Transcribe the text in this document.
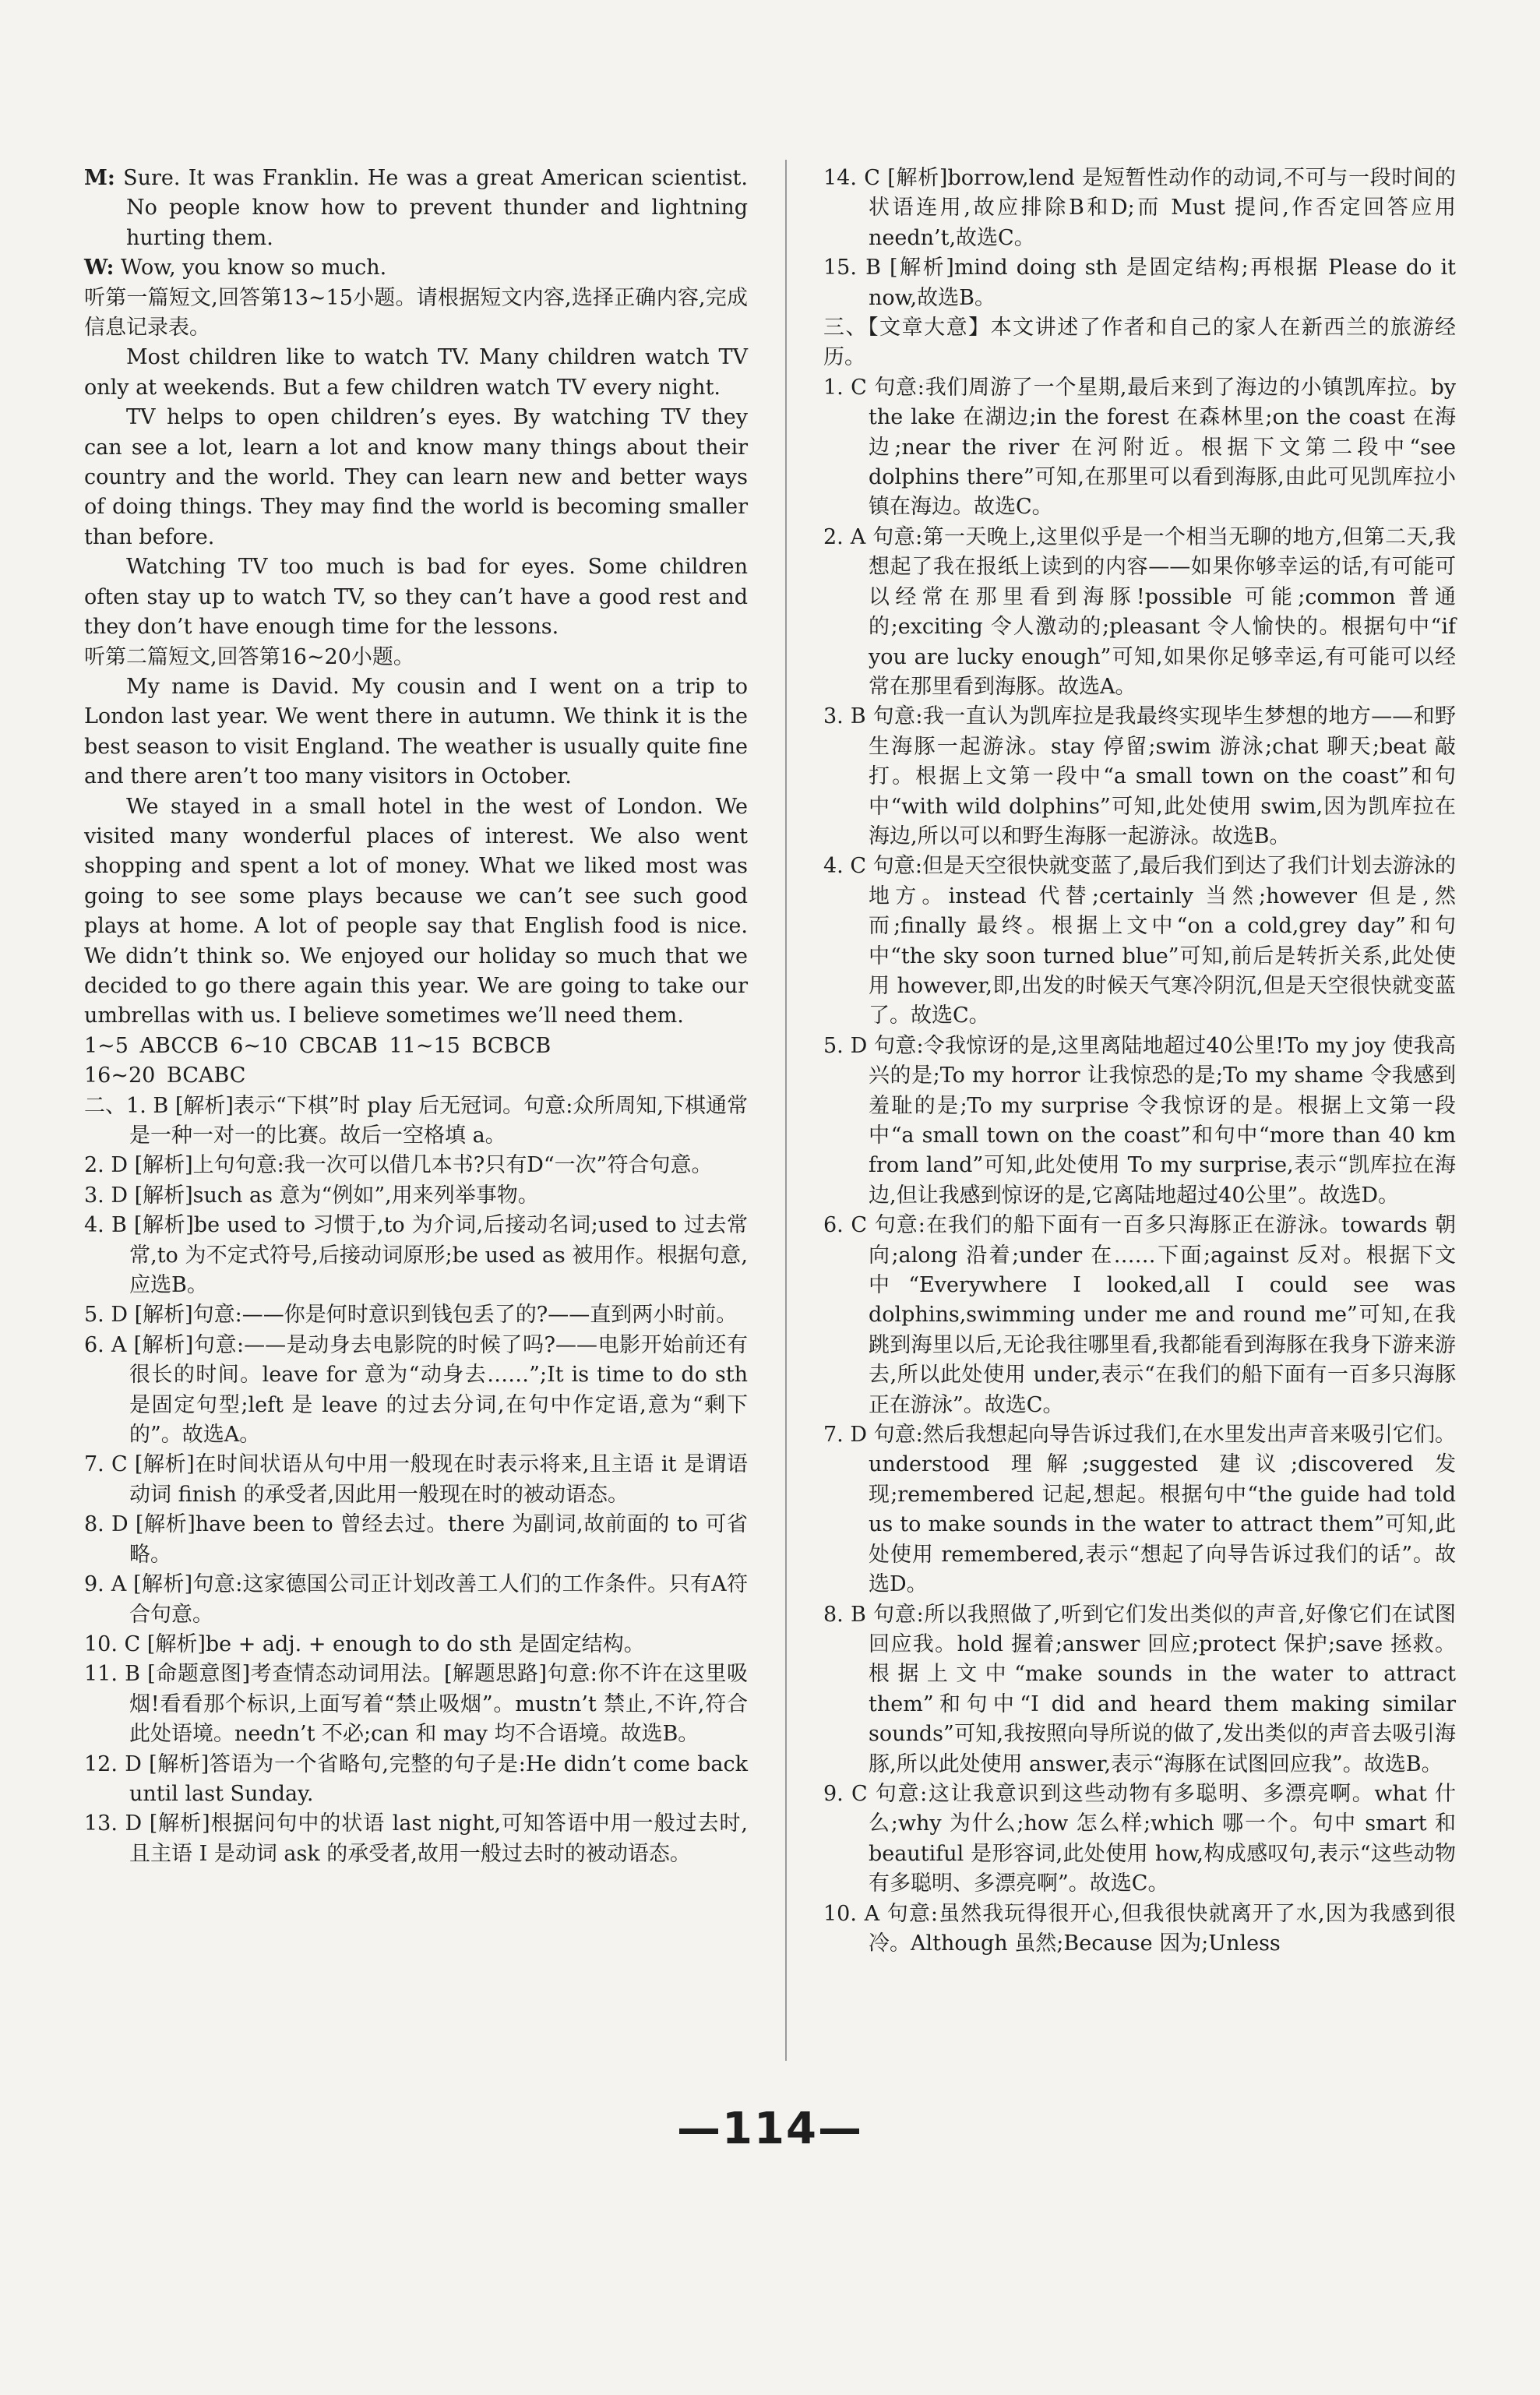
M: Sure. It was Franklin. He was a great American scientist. No people know how to prevent thunder and lightning hurting them.

W: Wow, you know so much.

听第一篇短文,回答第13~15小题。请根据短文内容,选择正确内容,完成信息记录表。

Most children like to watch TV. Many children watch TV only at weekends. But a few children watch TV every night.

TV helps to open children’s eyes. By watching TV they can see a lot, learn a lot and know many things about their country and the world. They can learn new and better ways of doing things. They may find the world is becoming smaller than before.

Watching TV too much is bad for eyes. Some children often stay up to watch TV, so they can’t have a good rest and they don’t have enough time for the lessons.

听第二篇短文,回答第16~20小题。

My name is David. My cousin and I went on a trip to London last year. We went there in autumn. We think it is the best season to visit England. The weather is usually quite fine and there aren’t too many visitors in October.

We stayed in a small hotel in the west of London. We visited many wonderful places of interest. We also went shopping and spent a lot of money. What we liked most was going to see some plays because we can’t see such good plays at home. A lot of people say that English food is nice. We didn’t think so. We enjoyed our holiday so much that we decided to go there again this year. We are going to take our umbrellas with us. I believe sometimes we’ll need them.

1~5 ABCCB 6~10 CBCAB 11~15 BCBCB

16~20 BCABC

二、1. B [解析]表示“下棋”时 play 后无冠词。句意:众所周知,下棋通常是一种一对一的比赛。故后一空格填 a。

2. D [解析]上句句意:我一次可以借几本书?只有D“一次”符合句意。

3. D [解析]such as 意为“例如”,用来列举事物。

4. B [解析]be used to 习惯于,to 为介词,后接动名词;used to 过去常常,to 为不定式符号,后接动词原形;be used as 被用作。根据句意,应选B。

5. D [解析]句意:——你是何时意识到钱包丢了的?——直到两小时前。

6. A [解析]句意:——是动身去电影院的时候了吗?——电影开始前还有很长的时间。leave for 意为“动身去……”;It is time to do sth 是固定句型;left 是 leave 的过去分词,在句中作定语,意为“剩下的”。故选A。

7. C [解析]在时间状语从句中用一般现在时表示将来,且主语 it 是谓语动词 finish 的承受者,因此用一般现在时的被动语态。

8. D [解析]have been to 曾经去过。there 为副词,故前面的 to 可省略。

9. A [解析]句意:这家德国公司正计划改善工人们的工作条件。只有A符合句意。

10. C [解析]be + adj. + enough to do sth 是固定结构。

11. B [命题意图]考查情态动词用法。[解题思路]句意:你不许在这里吸烟!看看那个标识,上面写着“禁止吸烟”。mustn’t 禁止,不许,符合此处语境。needn’t 不必;can 和 may 均不合语境。故选B。

12. D [解析]答语为一个省略句,完整的句子是:He didn’t come back until last Sunday.

13. D [解析]根据问句中的状语 last night,可知答语中用一般过去时,且主语 I 是动词 ask 的承受者,故用一般过去时的被动语态。

14. C [解析]borrow,lend 是短暂性动作的动词,不可与一段时间的状语连用,故应排除B和D;而 Must 提问,作否定回答应用 needn’t,故选C。

15. B [解析]mind doing sth 是固定结构;再根据 Please do it now,故选B。

三、【文章大意】本文讲述了作者和自己的家人在新西兰的旅游经历。

1. C 句意:我们周游了一个星期,最后来到了海边的小镇凯库拉。by the lake 在湖边;in the forest 在森林里;on the coast 在海边;near the river 在河附近。根据下文第二段中“see dolphins there”可知,在那里可以看到海豚,由此可见凯库拉小镇在海边。故选C。

2. A 句意:第一天晚上,这里似乎是一个相当无聊的地方,但第二天,我想起了我在报纸上读到的内容——如果你够幸运的话,有可能可以经常在那里看到海豚!possible 可能;common 普通的;exciting 令人激动的;pleasant 令人愉快的。根据句中“if you are lucky enough”可知,如果你足够幸运,有可能可以经常在那里看到海豚。故选A。

3. B 句意:我一直认为凯库拉是我最终实现毕生梦想的地方——和野生海豚一起游泳。stay 停留;swim 游泳;chat 聊天;beat 敲打。根据上文第一段中“a small town on the coast”和句中“with wild dolphins”可知,此处使用 swim,因为凯库拉在海边,所以可以和野生海豚一起游泳。故选B。

4. C 句意:但是天空很快就变蓝了,最后我们到达了我们计划去游泳的地方。instead 代替;certainly 当然;however 但是,然而;finally 最终。根据上文中“on a cold,grey day”和句中“the sky soon turned blue”可知,前后是转折关系,此处使用 however,即,出发的时候天气寒冷阴沉,但是天空很快就变蓝了。故选C。

5. D 句意:令我惊讶的是,这里离陆地超过40公里!To my joy 使我高兴的是;To my horror 让我惊恐的是;To my shame 令我感到羞耻的是;To my surprise 令我惊讶的是。根据上文第一段中“a small town on the coast”和句中“more than 40 km from land”可知,此处使用 To my surprise,表示“凯库拉在海边,但让我感到惊讶的是,它离陆地超过40公里”。故选D。

6. C 句意:在我们的船下面有一百多只海豚正在游泳。towards 朝向;along 沿着;under 在……下面;against 反对。根据下文中“Everywhere I looked,all I could see was dolphins,swimming under me and round me”可知,在我跳到海里以后,无论我往哪里看,我都能看到海豚在我身下游来游去,所以此处使用 under,表示“在我们的船下面有一百多只海豚正在游泳”。故选C。

7. D 句意:然后我想起向导告诉过我们,在水里发出声音来吸引它们。understood 理解;suggested 建议;discovered 发现;remembered 记起,想起。根据句中“the guide had told us to make sounds in the water to attract them”可知,此处使用 remembered,表示“想起了向导告诉过我们的话”。故选D。

8. B 句意:所以我照做了,听到它们发出类似的声音,好像它们在试图回应我。hold 握着;answer 回应;protect 保护;save 拯救。根据上文中“make sounds in the water to attract them”和句中“I did and heard them making similar sounds”可知,我按照向导所说的做了,发出类似的声音去吸引海豚,所以此处使用 answer,表示“海豚在试图回应我”。故选B。

9. C 句意:这让我意识到这些动物有多聪明、多漂亮啊。what 什么;why 为什么;how 怎么样;which 哪一个。句中 smart 和 beautiful 是形容词,此处使用 how,构成感叹句,表示“这些动物有多聪明、多漂亮啊”。故选C。

10. A 句意:虽然我玩得很开心,但我很快就离开了水,因为我感到很冷。Although 虽然;Because 因为;Unless

—114—
